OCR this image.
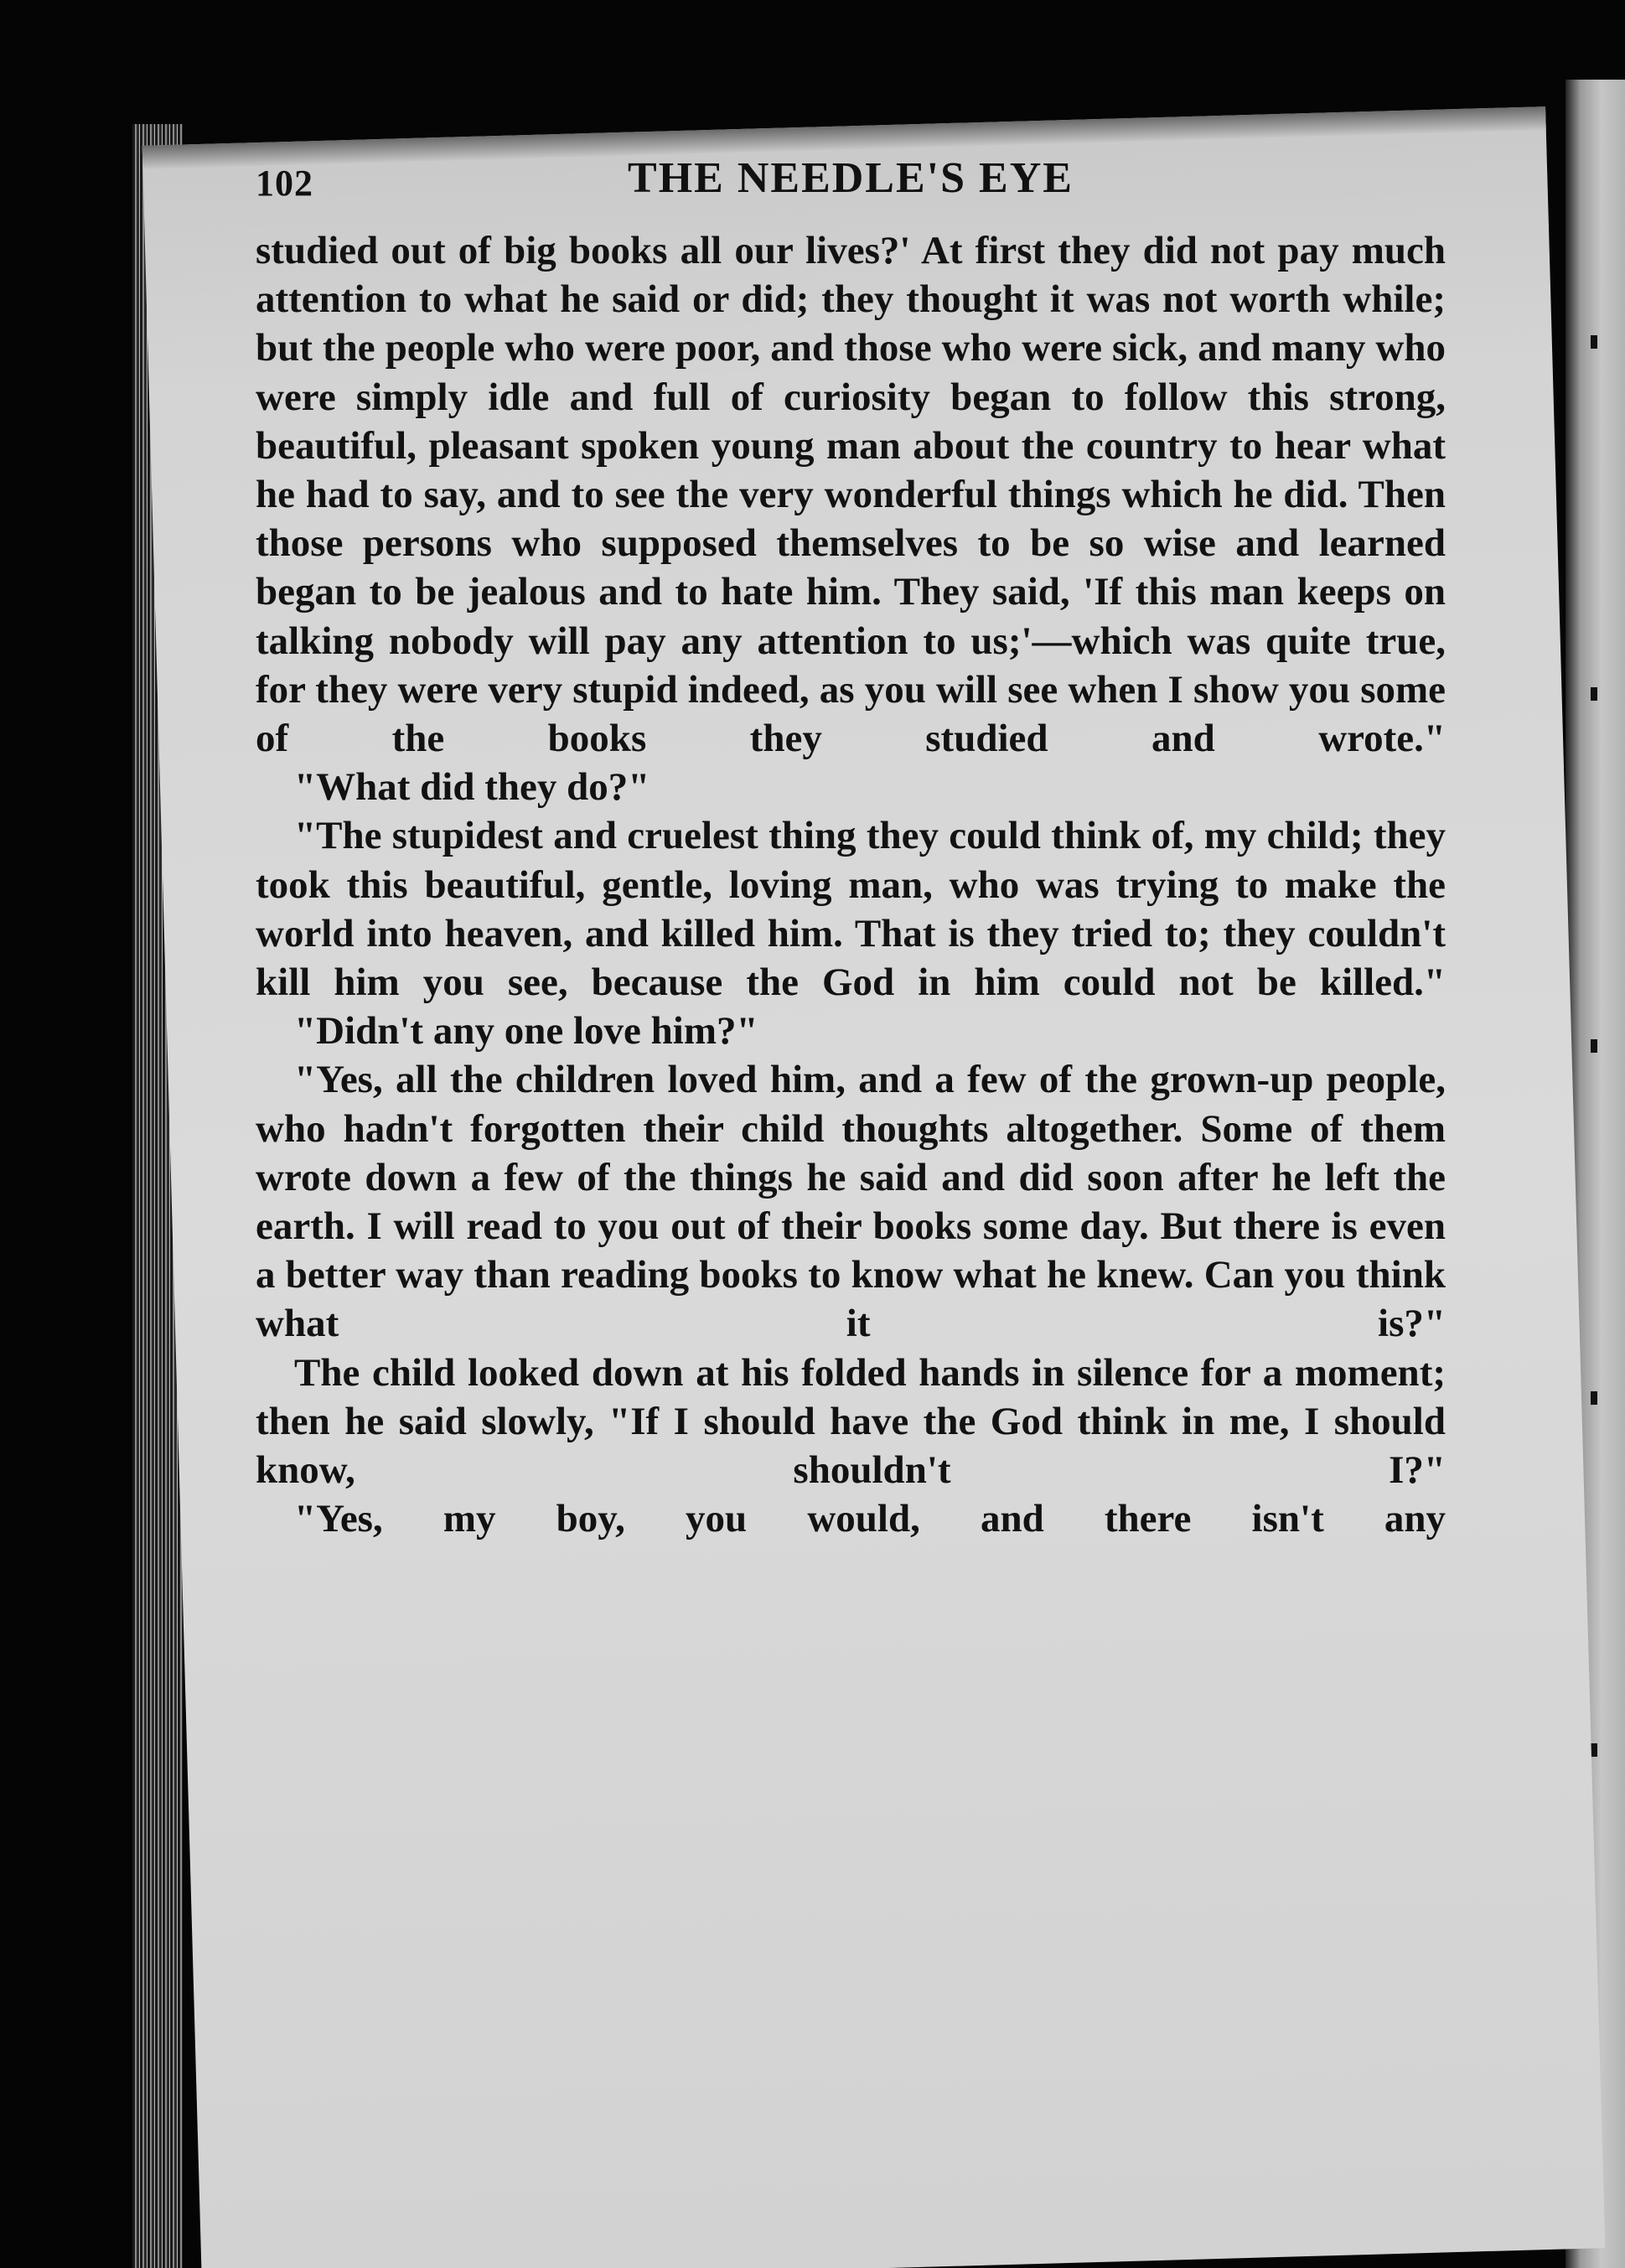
102	THE NEEDLE'S EYE

studied out of big books all our lives?' At first they did not pay much attention to what he said or did; they thought it was not worth while; but the people who were poor, and those who were sick, and many who were simply idle and full of curiosity began to follow this strong, beautiful, pleasant spoken young man about the country to hear what he had to say, and to see the very wonderful things which he did. Then those persons who supposed themselves to be so wise and learned began to be jealous and to hate him. They said, 'If this man keeps on talking nobody will pay any attention to us;'—which was quite true, for they were very stupid indeed, as you will see when I show you some of the books they studied and wrote."

"What did they do?"

"The stupidest and cruelest thing they could think of, my child; they took this beautiful, gentle, loving man, who was trying to make the world into heaven, and killed him. That is they tried to; they couldn't kill him you see, because the God in him could not be killed."

"Didn't any one love him?"

"Yes, all the children loved him, and a few of the grown-up people, who hadn't forgotten their child thoughts altogether. Some of them wrote down a few of the things he said and did soon after he left the earth. I will read to you out of their books some day. But there is even a better way than reading books to know what he knew. Can you think what it is?"

The child looked down at his folded hands in silence for a moment; then he said slowly, "If I should have the God think in me, I should know, shouldn't I?"

"Yes, my boy, you would, and there isn't any
